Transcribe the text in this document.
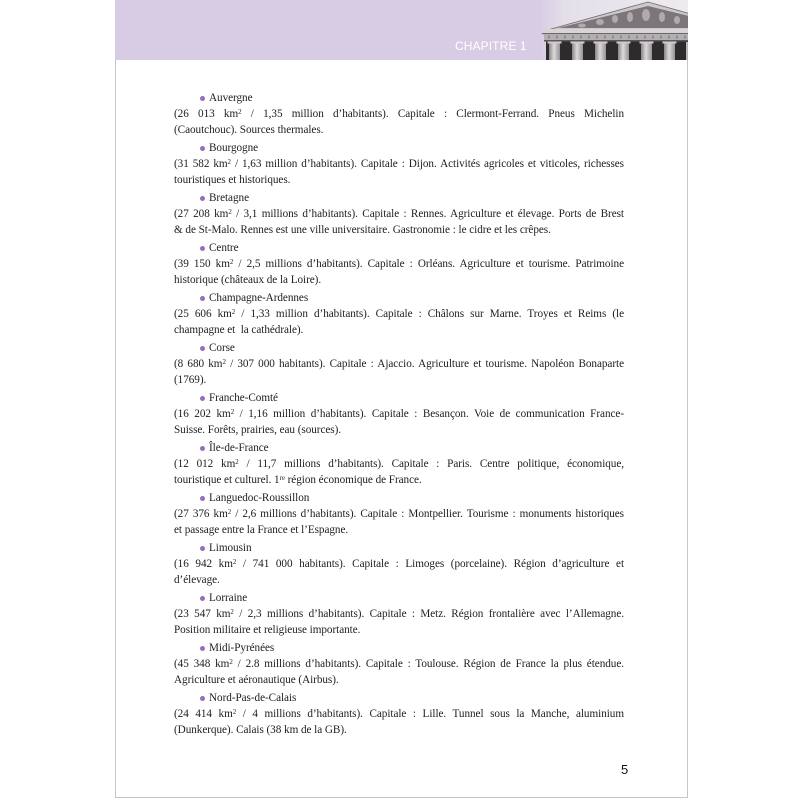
CHAPITRE 1
Auvergne
(26 013 $km^2 / 1,35$ million d’habitants). Capitale : Clermont-Ferrand. Pneus Michelin
(Caoutchouc). Sources thermales.
Bourgogne
(31 582 $km^2 / 1,63$ million d’habitants). Capitale : Dijon. Activités agricoles et viticoles, richesses
touristiques et historiques.
Bretagne
(27 208 $km^2 / 3,1$ millions d’habitants). Capitale : Rennes. Agriculture et élevage. Ports de Brest
& de St-Malo. Rennes est une ville universitaire. Gastronomie : le cidre et les crêpes.
Centre
(39 150 $km^2 / 2,5$ millions d’habitants). Capitale : Orléans. Agriculture et tourisme. Patrimoine
historique (châteaux de la Loire).
Champagne-Ardennes
(25 606 $km^2 / 1,33$ million d’habitants). Capitale : Châlons sur Marne. Troyes et Reims (le
champagne et  la cathédrale).
Corse
(8 680 $km^2 / 307$ 000 habitants). Capitale : Ajaccio. Agriculture et tourisme. Napoléon Bonaparte
(1769).
Franche-Comté
(16 202 $km^2 / 1,16$ million d’habitants). Capitale : Besançon. Voie de communication France-
Suisse. Forêts, prairies, eau (sources).
Île-de-France
(12 012 $km^2 / 11,7$ millions d’habitants). Capitale : Paris. Centre politique, économique,
touristique et culturel. 1re région économique de France.
Languedoc-Roussillon
(27 376 $km^2 / 2,6$ millions d’habitants). Capitale : Montpellier. Tourisme : monuments historiques
et passage entre la France et l’Espagne.
Limousin
(16 942 $km^2 / 741$ 000 habitants). Capitale : Limoges (porcelaine). Région d’agriculture et
d’élevage.
Lorraine
(23 547 $km^2 / 2,3$ millions d’habitants). Capitale : Metz. Région frontalière avec l’Allemagne.
Position militaire et religieuse importante.
Midi-Pyrénées
(45 348 $km^2 / 2.8$ millions d’habitants). Capitale : Toulouse. Région de France la plus étendue.
Agriculture et aéronautique (Airbus).
Nord-Pas-de-Calais
(24 414 $km^2 / 4$ millions d’habitants). Capitale : Lille. Tunnel sous la Manche, aluminium
(Dunkerque). Calais (38 km de la GB).
5
